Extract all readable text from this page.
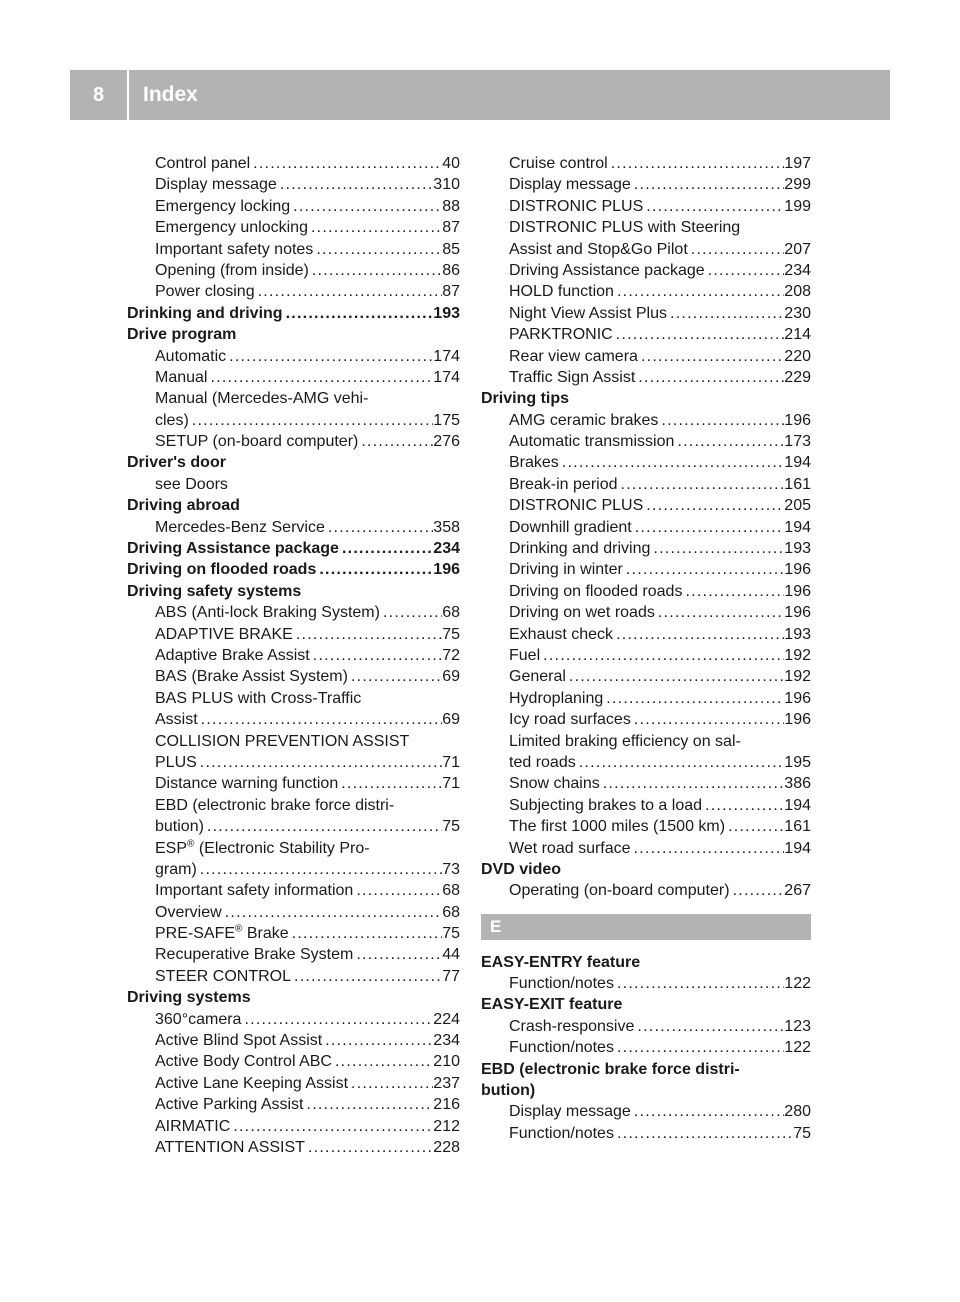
8	Index
Control panel . . .	40
Display message . . .	310
Emergency locking . . .	88
Emergency unlocking . . .	87
Important safety notes . . .	85
Opening (from inside) . . .	86
Power closing . . .	87
Drinking and driving . . .	193
Drive program
Automatic . . .	174
Manual . . .	174
Manual (Mercedes-AMG vehi-
cles) . . .	175
SETUP (on-board computer) . . .	276
Driver's door
see Doors
Driving abroad
Mercedes-Benz Service . . .	358
Driving Assistance package . . .	234
Driving on flooded roads . . .	196
Driving safety systems
ABS (Anti-lock Braking System) . . .	68
ADAPTIVE BRAKE . . .	75
Adaptive Brake Assist . . .	72
BAS (Brake Assist System) . . .	69
BAS PLUS with Cross-Traffic
Assist . . .	69
COLLISION PREVENTION ASSIST
PLUS . . .	71
Distance warning function . . .	71
EBD (electronic brake force distri-
bution) . . .	75
ESP® (Electronic Stability Pro-
gram) . . .	73
Important safety information . . .	68
Overview . . .	68
PRE-SAFE® Brake . . .	75
Recuperative Brake System . . .	44
STEER CONTROL . . .	77
Driving systems
360°camera . . .	224
Active Blind Spot Assist . . .	234
Active Body Control ABC . . .	210
Active Lane Keeping Assist . . .	237
Active Parking Assist . . .	216
AIRMATIC . . .	212
ATTENTION ASSIST . . .	228
Cruise control . . .	197
Display message . . .	299
DISTRONIC PLUS . . .	199
DISTRONIC PLUS with Steering
Assist and Stop&Go Pilot . . .	207
Driving Assistance package . . .	234
HOLD function . . .	208
Night View Assist Plus . . .	230
PARKTRONIC . . .	214
Rear view camera . . .	220
Traffic Sign Assist . . .	229
Driving tips
AMG ceramic brakes . . .	196
Automatic transmission . . .	173
Brakes . . .	194
Break-in period . . .	161
DISTRONIC PLUS . . .	205
Downhill gradient . . .	194
Drinking and driving . . .	193
Driving in winter . . .	196
Driving on flooded roads . . .	196
Driving on wet roads . . .	196
Exhaust check . . .	193
Fuel . . .	192
General . . .	192
Hydroplaning . . .	196
Icy road surfaces . . .	196
Limited braking efficiency on sal-
ted roads . . .	195
Snow chains . . .	386
Subjecting brakes to a load . . .	194
The first 1000 miles (1500 km) . . .	161
Wet road surface . . .	194
DVD video
Operating (on-board computer) . . .	267
E
EASY-ENTRY feature
Function/notes . . .	122
EASY-EXIT feature
Crash-responsive . . .	123
Function/notes . . .	122
EBD (electronic brake force distri-
bution)
Display message . . .	280
Function/notes . . .	75
